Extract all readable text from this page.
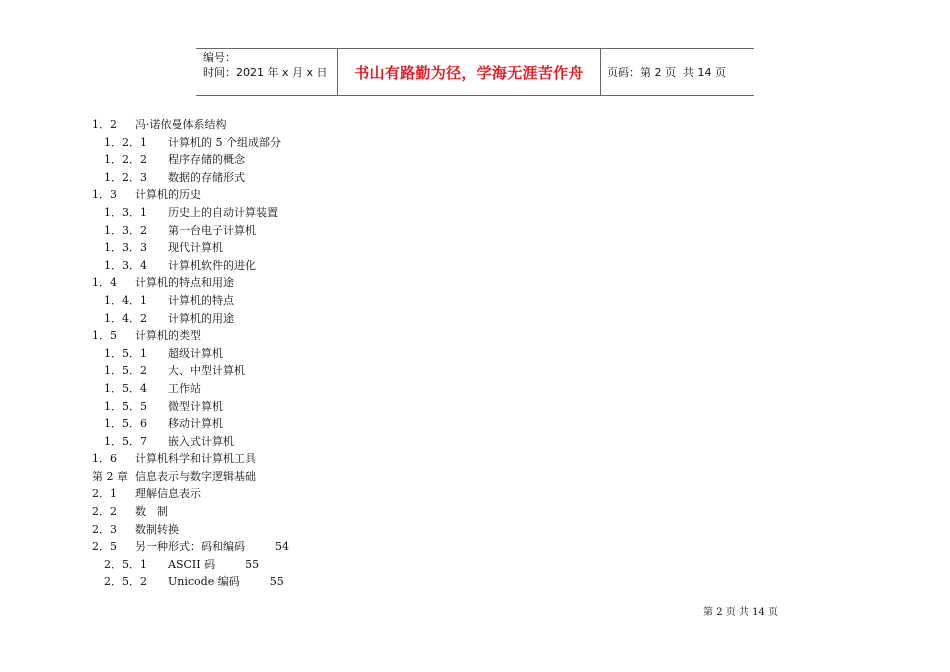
编号：
时间：2021 年 x 月 x 日	书山有路勤为径，学海无涯苦作舟	页码：第 2 页  共 14 页
1．2	冯·诺依曼体系结构
1．2．1	计算机的 5 个组成部分
1．2．2	程序存储的概念
1．2．3	数据的存储形式
1．3	计算机的历史
1．3．1	历史上的自动计算装置
1．3．2	第一台电子计算机
1．3．3	现代计算机
1．3．4	计算机软件的进化
1．4	计算机的特点和用途
1．4．1	计算机的特点
1．4．2	计算机的用途
1．5	计算机的类型
1．5．1	超级计算机
1．5．2	大、中型计算机
1．5．4	工作站
1．5．5	微型计算机
1．5．6	移动计算机
1．5．7	嵌入式计算机
1．6	计算机科学和计算机工具
第 2 章 信息表示与数字逻辑基础
2．1	理解信息表示
2．2	数　制
2．3	数制转换
2．5	另一种形式：码和编码	54
2．5．1	ASCII 码	55
2．5．2	Unicode 编码	55
第 2 页 共 14 页
